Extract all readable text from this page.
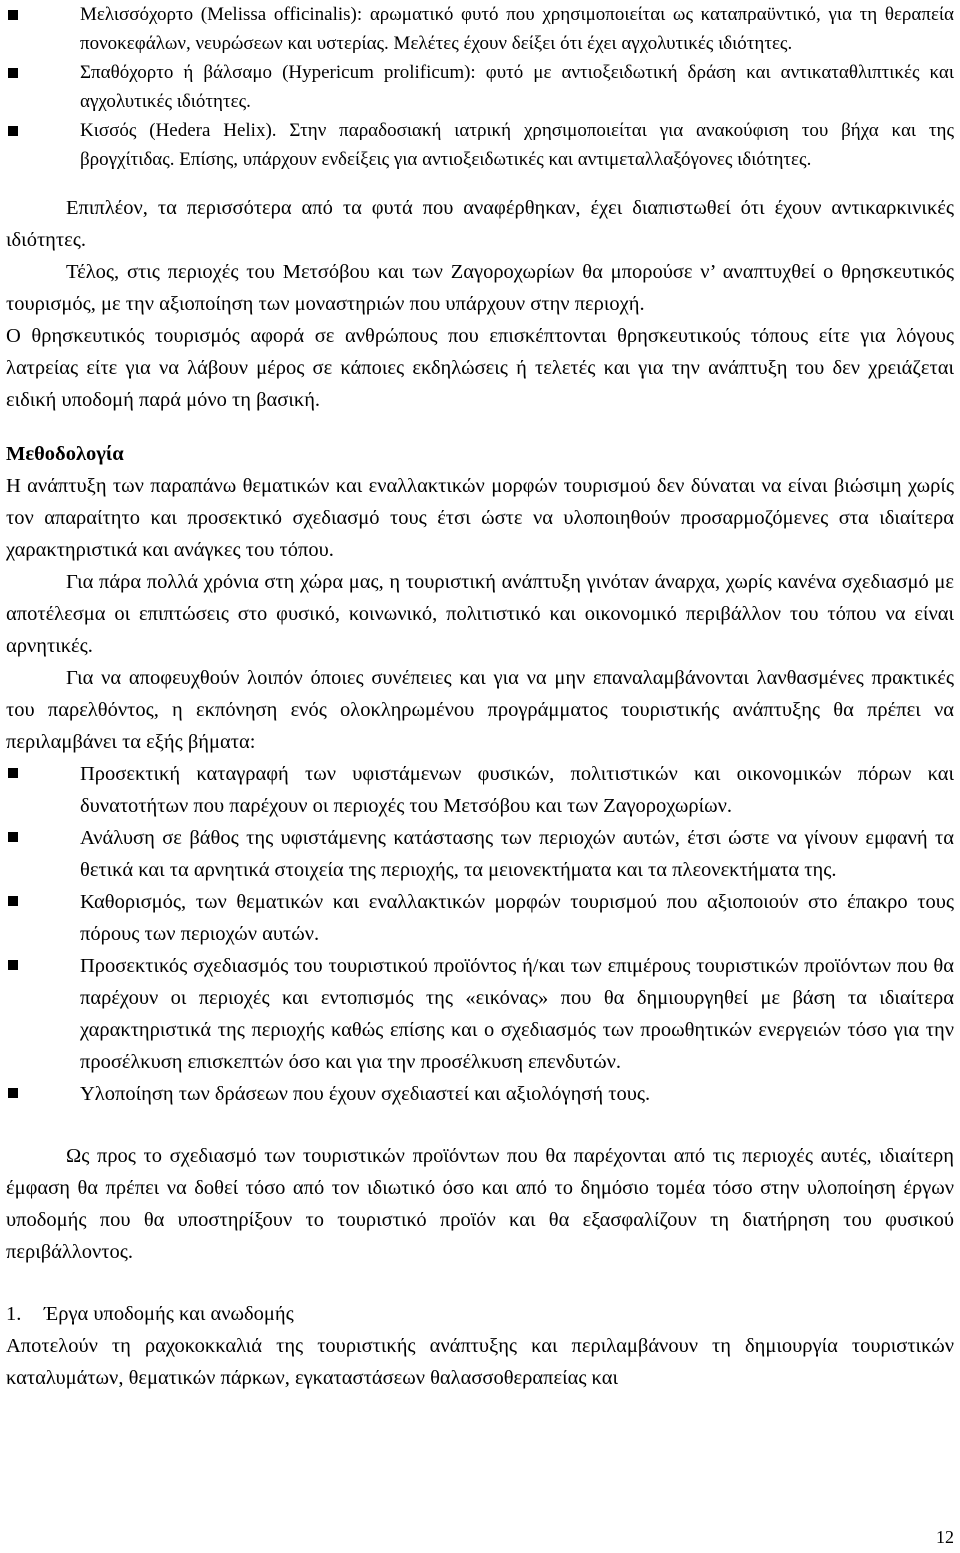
Μελισσόχορτο (Melissa officinalis): αρωματικό φυτό που χρησιμοποιείται ως καταπραϋντικό, για τη θεραπεία πονοκεφάλων, νευρώσεων και υστερίας. Μελέτες έχουν δείξει ότι έχει αγχολυτικές ιδιότητες.
Σπαθόχορτο ή βάλσαμο (Hypericum prolificum): φυτό με αντιοξειδωτική δράση και αντικαταθλιπτικές και αγχολυτικές ιδιότητες.
Κισσός (Hedera Helix). Στην παραδοσιακή ιατρική χρησιμοποιείται για ανακούφιση του βήχα και της βρογχίτιδας. Επίσης, υπάρχουν ενδείξεις για αντιοξειδωτικές και αντιμεταλλαξόγονες ιδιότητες.

Επιπλέον, τα περισσότερα από τα φυτά που αναφέρθηκαν, έχει διαπιστωθεί ότι έχουν αντικαρκινικές ιδιότητες.

Τέλος, στις περιοχές του Μετσόβου και των Ζαγοροχωρίων θα μπορούσε ν’ αναπτυχθεί ο θρησκευτικός τουρισμός, με την αξιοποίηση των μοναστηριών που υπάρχουν στην περιοχή.

Ο θρησκευτικός τουρισμός αφορά σε ανθρώπους που επισκέπτονται θρησκευτικούς τόπους είτε για λόγους λατρείας είτε για να λάβουν μέρος σε κάποιες εκδηλώσεις ή τελετές και για την ανάπτυξη του δεν χρειάζεται ειδική υποδομή παρά μόνο τη βασική.

Μεθοδολογία

Η ανάπτυξη των παραπάνω θεματικών και εναλλακτικών μορφών τουρισμού δεν δύναται να είναι βιώσιμη χωρίς τον απαραίτητο και προσεκτικό σχεδιασμό τους έτσι ώστε να υλοποιηθούν προσαρμοζόμενες στα ιδιαίτερα χαρακτηριστικά και ανάγκες του τόπου.

Για πάρα πολλά χρόνια στη χώρα μας, η τουριστική ανάπτυξη γινόταν άναρχα, χωρίς κανένα σχεδιασμό με αποτέλεσμα οι επιπτώσεις στο φυσικό, κοινωνικό, πολιτιστικό και οικονομικό περιβάλλον του τόπου να είναι αρνητικές.

Για να αποφευχθούν λοιπόν όποιες συνέπειες και για να μην επαναλαμβάνονται λανθασμένες πρακτικές του παρελθόντος, η εκπόνηση ενός ολοκληρωμένου προγράμματος τουριστικής ανάπτυξης θα πρέπει να περιλαμβάνει τα εξής βήματα:

Προσεκτική καταγραφή των υφιστάμενων φυσικών, πολιτιστικών και οικονομικών πόρων και δυνατοτήτων που παρέχουν οι περιοχές του Μετσόβου και των Ζαγοροχωρίων.
Ανάλυση σε βάθος της υφιστάμενης κατάστασης των περιοχών αυτών, έτσι ώστε να γίνουν εμφανή τα θετικά και τα αρνητικά στοιχεία της περιοχής, τα μειονεκτήματα και τα πλεονεκτήματα της.
Καθορισμός, των θεματικών και εναλλακτικών μορφών τουρισμού που αξιοποιούν στο έπακρο τους πόρους των περιοχών αυτών.
Προσεκτικός σχεδιασμός του τουριστικού προϊόντος ή/και των επιμέρους τουριστικών προϊόντων που θα παρέχουν οι περιοχές και εντοπισμός της «εικόνας» που θα δημιουργηθεί με βάση τα ιδιαίτερα χαρακτηριστικά της περιοχής καθώς επίσης και ο σχεδιασμός των προωθητικών ενεργειών τόσο για την προσέλκυση επισκεπτών όσο και για την προσέλκυση επενδυτών.
Υλοποίηση των δράσεων που έχουν σχεδιαστεί και αξιολόγησή τους.

Ως προς το σχεδιασμό των τουριστικών προϊόντων που θα παρέχονται από τις περιοχές αυτές, ιδιαίτερη έμφαση θα πρέπει να δοθεί τόσο από τον ιδιωτικό όσο και από το δημόσιο τομέα τόσο στην υλοποίηση έργων υποδομής που θα υποστηρίξουν το τουριστικό προϊόν και θα εξασφαλίζουν τη διατήρηση του φυσικού περιβάλλοντος.

1. Έργα υποδομής και ανωδομής

Αποτελούν τη ραχοκοκκαλιά της τουριστικής ανάπτυξης και περιλαμβάνουν τη δημιουργία τουριστικών καταλυμάτων, θεματικών πάρκων, εγκαταστάσεων θαλασσοθεραπείας και

12
